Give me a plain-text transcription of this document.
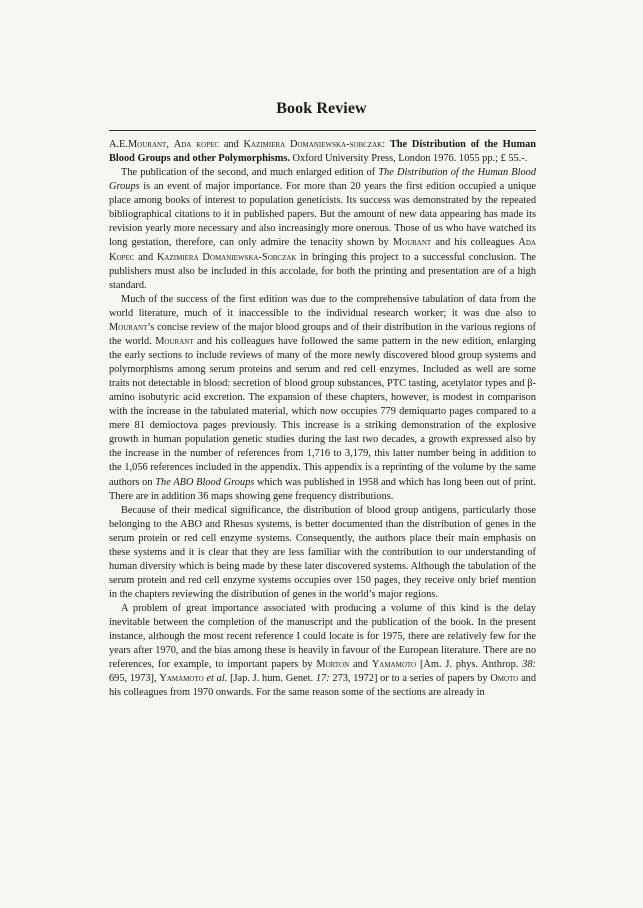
Book Review

A.E.Mourant, Ada kopec and Kazimiera Domaniewska-sobczak: The Distribution of the Human Blood Groups and other Polymorphisms. Oxford University Press, London 1976. 1055 pp.; £ 55.-.

The publication of the second, and much enlarged edition of The Distribution of the Human Blood Groups is an event of major importance. For more than 20 years the first edition occupied a unique place among books of interest to population geneticists. Its success was demonstrated by the repeated bibliographical citations to it in published papers. But the amount of new data appearing has made its revision yearly more necessary and also increasingly more onerous. Those of us who have watched its long gestation, therefore, can only admire the tenacity shown by Mourant and his colleagues Ada Kopec and Kazimiera Domaniewska-Sobczak in bringing this project to a successful conclusion. The publishers must also be included in this accolade, for both the printing and presentation are of a high standard.

Much of the success of the first edition was due to the comprehensive tabulation of data from the world literature, much of it inaccessible to the individual research worker; it was due also to Mourant’s concise review of the major blood groups and of their distribution in the various regions of the world. Mourant and his colleagues have followed the same pattern in the new edition, enlarging the early sections to include reviews of many of the more newly discovered blood group systems and polymorphisms among serum proteins and serum and red cell enzymes. Included as well are some traits not detectable in blood: secretion of blood group substances, PTC tasting, acetylator types and β-amino isobutyric acid excretion. The expansion of these chapters, however, is modest in comparison with the increase in the tabulated material, which now occupies 779 demiquarto pages compared to a mere 81 demioctova pages previously. This increase is a striking demonstration of the explosive growth in human population genetic studies during the last two decades, a growth expressed also by the increase in the number of references from 1,716 to 3,179, this latter number being in addition to the 1,056 references included in the appendix. This appendix is a reprinting of the volume by the same authors on The ABO Blood Groups which was published in 1958 and which has long been out of print. There are in addition 36 maps showing gene frequency distributions.

Because of their medical significance, the distribution of blood group antigens, particularly those belonging to the ABO and Rhesus systems, is better documented than the distribution of genes in the serum protein or red cell enzyme systems. Consequently, the authors place their main emphasis on these systems and it is clear that they are less familiar with the contribution to our understanding of human diversity which is being made by these later discovered systems. Although the tabulation of the serum protein and red cell enzyme systems occupies over 150 pages, they receive only brief mention in the chapters reviewing the distribution of genes in the world’s major regions.

A problem of great importance associated with producing a volume of this kind is the delay inevitable between the completion of the manuscript and the publication of the book. In the present instance, although the most recent reference I could locate is for 1975, there are relatively few for the years after 1970, and the bias among these is heavily in favour of the European literature. There are no references, for example, to important papers by Morton and Yamamoto [Am. J. phys. Anthrop. 38: 695, 1973], Yamamoto et al. [Jap. J. hum. Genet. 17: 273, 1972] or to a series of papers by Omoto and his colleagues from 1970 onwards. For the same reason some of the sections are already in
